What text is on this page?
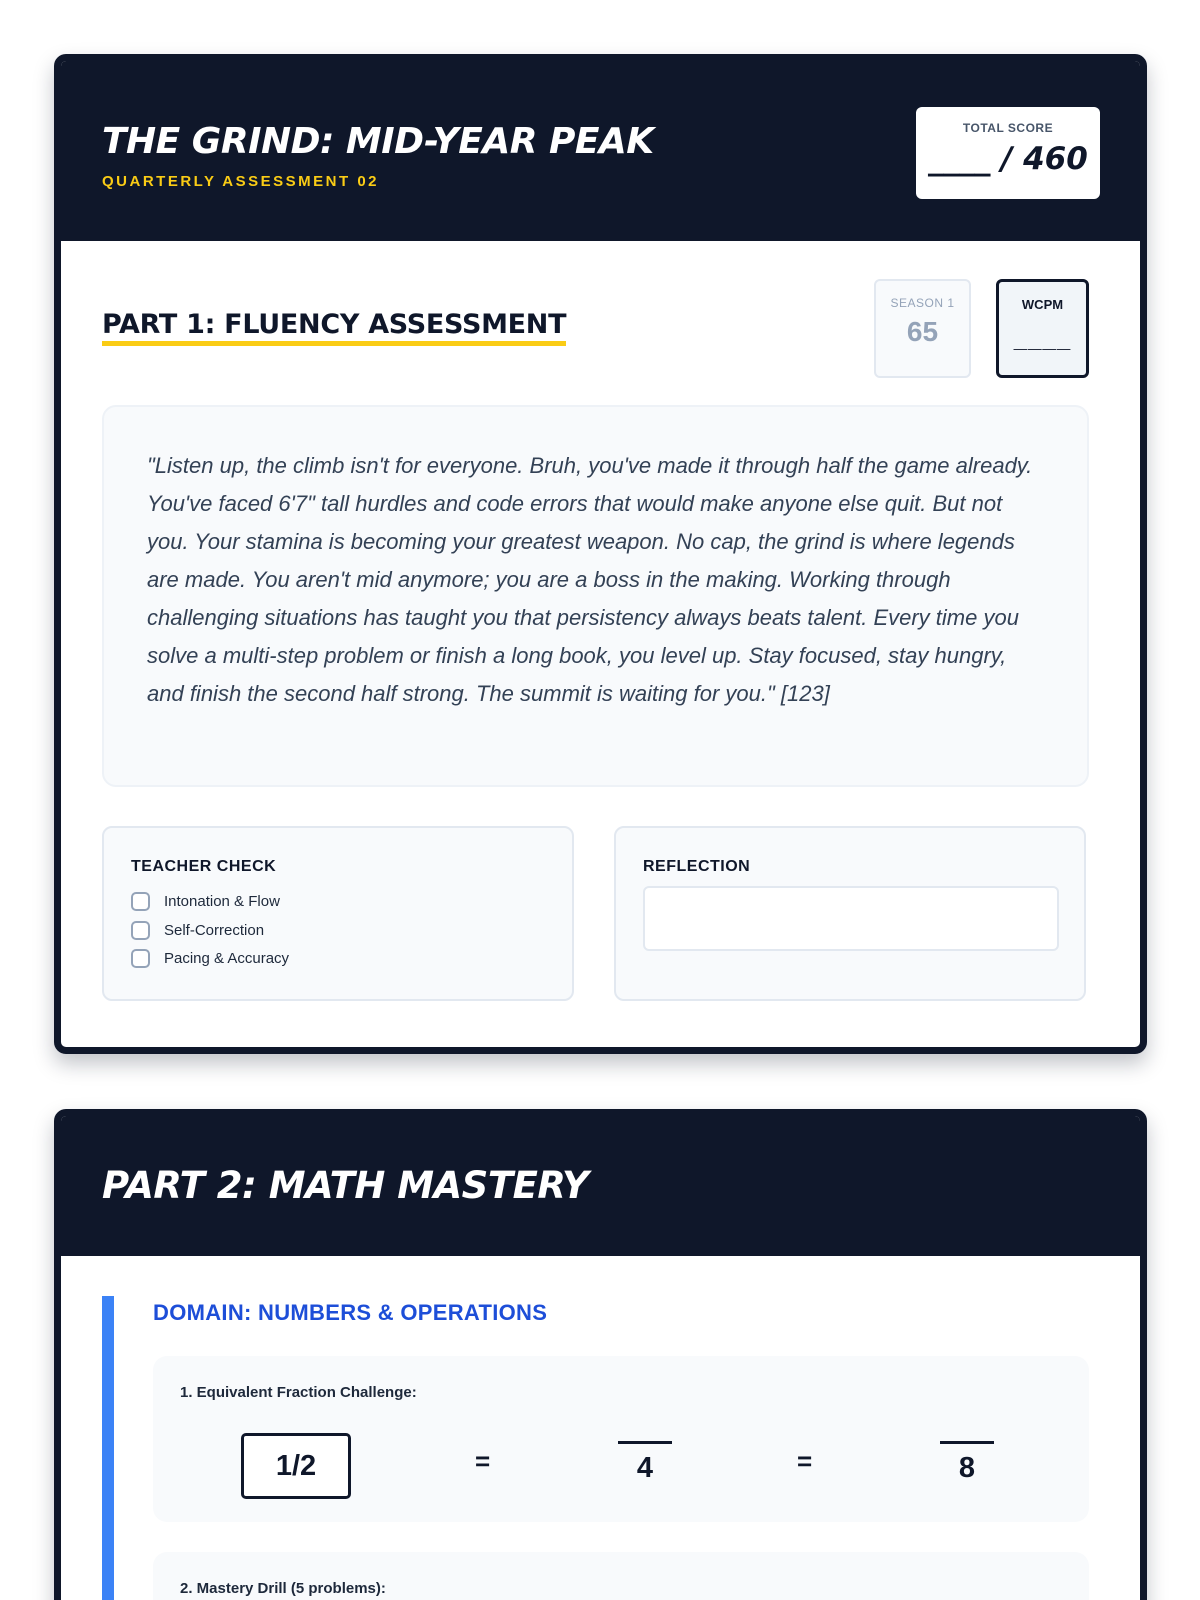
THE GRIND: MID-YEAR PEAK
QUARTERLY ASSESSMENT 02
TOTAL SCORE
____ / 460
PART 1: FLUENCY ASSESSMENT
SEASON 1
65
WCPM
____

"Listen up, the climb isn't for everyone. Bruh, you've made it through half the game already. You've faced 6'7" tall hurdles and code errors that would make anyone else quit. But not you. Your stamina is becoming your greatest weapon. No cap, the grind is where legends are made. You aren't mid anymore; you are a boss in the making. Working through challenging situations has taught you that persistency always beats talent. Every time you solve a multi-step problem or finish a long book, you level up. Stay focused, stay hungry, and finish the second half strong. The summit is waiting for you." [123]

TEACHER CHECK
Intonation & Flow
Self-Correction
Pacing & Accuracy
REFLECTION
PART 2: MATH MASTERY
DOMAIN: NUMBERS & OPERATIONS
1. Equivalent Fraction Challenge:
1/2	=	4	=	8
2. Mastery Drill (5 problems):
